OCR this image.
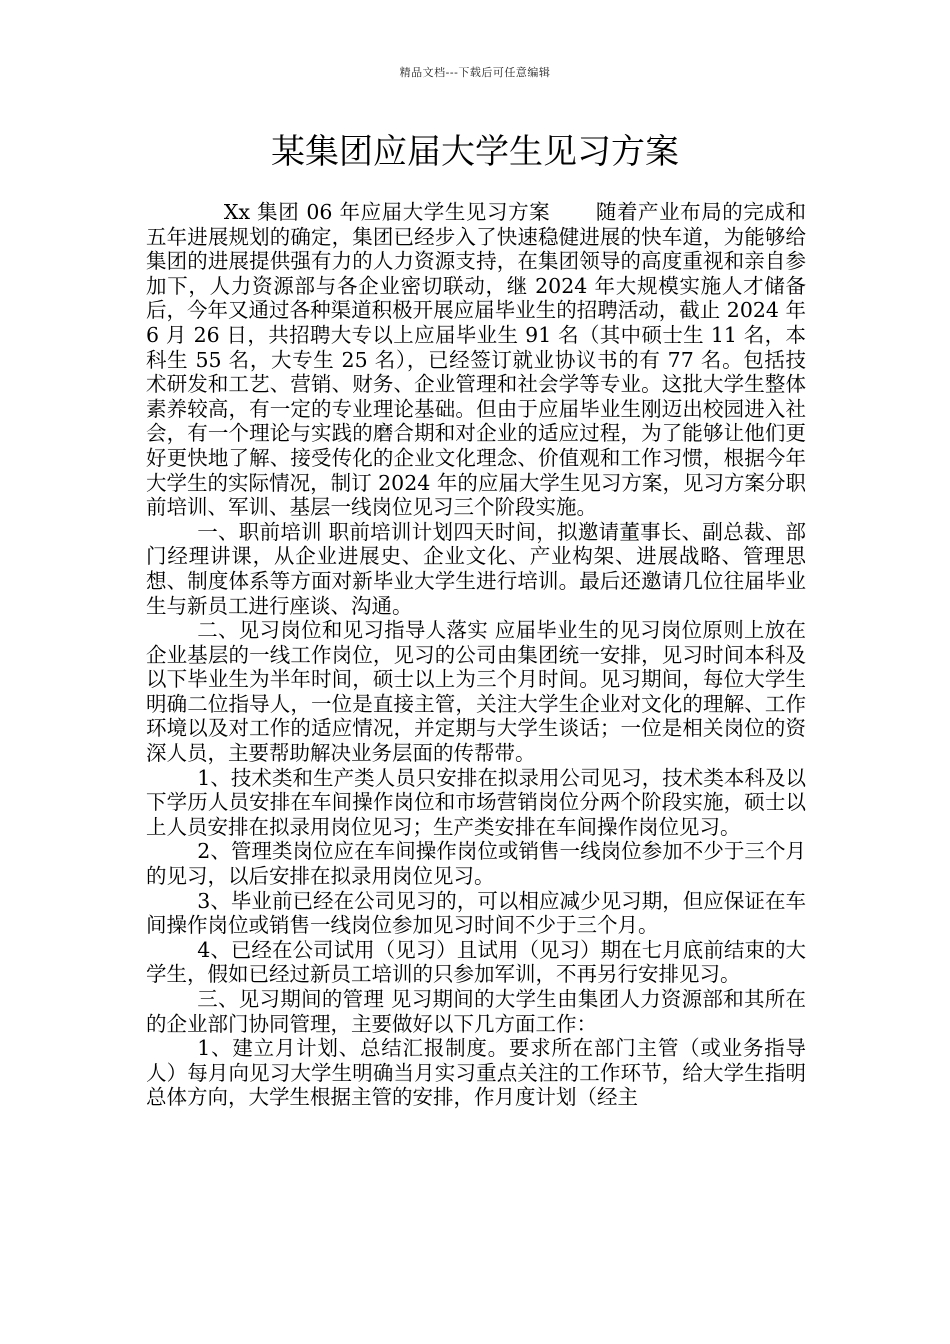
精品文档---下载后可任意编辑
某集团应届大学生见习方案

Xx 集团 06 年应届大学生见习方案 随着产业布局的完成和五年进展规划的确定，集团已经步入了快速稳健进展的快车道，为能够给集团的进展提供强有力的人力资源支持，在集团领导的高度重视和亲自参加下，人力资源部与各企业密切联动，继 2024 年大规模实施人才储备后，今年又通过各种渠道积极开展应届毕业生的招聘活动，截止 2024 年 6 月 26 日，共招聘大专以上应届毕业生 91 名（其中硕士生 11 名，本科生 55 名，大专生 25 名），已经签订就业协议书的有 77 名。包括技术研发和工艺、营销、财务、企业管理和社会学等专业。这批大学生整体素养较高，有一定的专业理论基础。但由于应届毕业生刚迈出校园进入社会，有一个理论与实践的磨合期和对企业的适应过程，为了能够让他们更好更快地了解、接受传化的企业文化理念、价值观和工作习惯，根据今年大学生的实际情况，制订 2024 年的应届大学生见习方案，见习方案分职前培训、军训、基层一线岗位见习三个阶段实施。

一、职前培训 职前培训计划四天时间，拟邀请董事长、副总裁、部门经理讲课，从企业进展史、企业文化、产业构架、进展战略、管理思想、制度体系等方面对新毕业大学生进行培训。最后还邀请几位往届毕业生与新员工进行座谈、沟通。

二、见习岗位和见习指导人落实 应届毕业生的见习岗位原则上放在企业基层的一线工作岗位，见习的公司由集团统一安排，见习时间本科及以下毕业生为半年时间，硕士以上为三个月时间。见习期间，每位大学生明确二位指导人，一位是直接主管，关注大学生企业对文化的理解、工作环境以及对工作的适应情况，并定期与大学生谈话；一位是相关岗位的资深人员，主要帮助解决业务层面的传帮带。

1、技术类和生产类人员只安排在拟录用公司见习，技术类本科及以下学历人员安排在车间操作岗位和市场营销岗位分两个阶段实施，硕士以上人员安排在拟录用岗位见习；生产类安排在车间操作岗位见习。

2、管理类岗位应在车间操作岗位或销售一线岗位参加不少于三个月的见习，以后安排在拟录用岗位见习。

3、毕业前已经在公司见习的，可以相应减少见习期，但应保证在车间操作岗位或销售一线岗位参加见习时间不少于三个月。

4、已经在公司试用（见习）且试用（见习）期在七月底前结束的大学生，假如已经过新员工培训的只参加军训，不再另行安排见习。

三、见习期间的管理 见习期间的大学生由集团人力资源部和其所在的企业部门协同管理，主要做好以下几方面工作：

1、建立月计划、总结汇报制度。要求所在部门主管（或业务指导人）每月向见习大学生明确当月实习重点关注的工作环节，给大学生指明总体方向，大学生根据主管的安排，作月度计划（经主
